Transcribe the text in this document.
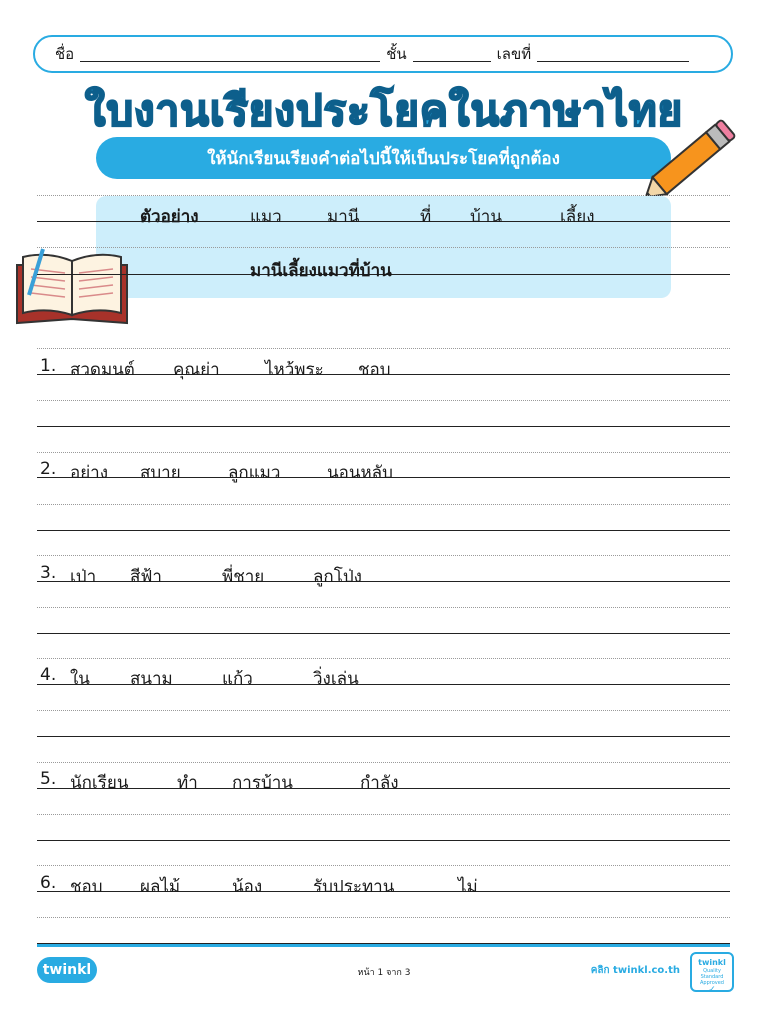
ชื่อ	ชั้น	เลขที่
ใบงานเรียงประโยคในภาษาไทย
ให้นักเรียนเรียงคำต่อไปนี้ให้เป็นประโยคที่ถูกต้อง
ตัวอย่าง	แมว	มานี	ที่ บ้าน	เลี้ยง
มานีเลี้ยงแมวที่บ้าน
1. สวดมนต์ คุณย่า	ไหว้พระ ชอบ
2. อย่าง สบาย	ลูกแมว	นอนหลับ
3. เป่า สีฟ้า	พี่ชาย	ลูกโป่ง
4. ใน สนาม	แก้ว	วิ่งเล่น
5. นักเรียน	ทำ การบ้าน	กำลัง
6. ชอบ ผลไม้	น้อง	รับประทาน	ไม่
twinkl	หน้า 1 จาก 3	คลิก twinkl.co.th
twinkl
Quality Standard Approved
✓
